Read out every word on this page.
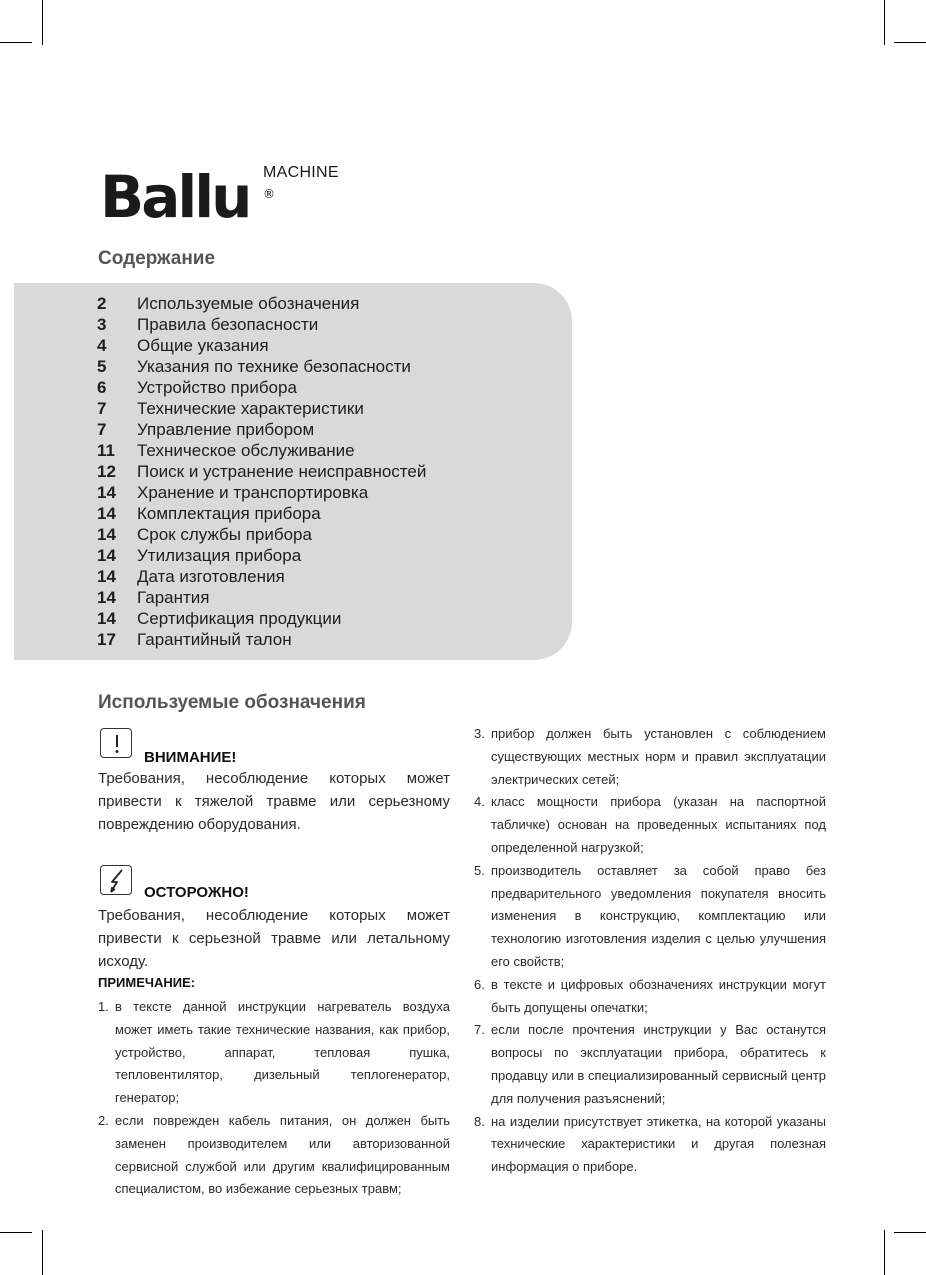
Ballu MACHINE
®
Содержание
2 Используемые обозначения
3 Правила безопасности
4 Общие указания
5 Указания по технике безопасности
6 Устройство прибора
7 Технические характеристики
7 Управление прибором
11 Техническое обслуживание
12 Поиск и устранение неисправностей
14 Хранение и транспортировка
14 Комплектация прибора
14 Срок службы прибора
14 Утилизация прибора
14 Дата изготовления
14 Гарантия
14 Сертификация продукции
17 Гарантийный талон
Используемые обозначения
ВНИМАНИЕ!
Требования, несоблюдение которых может привести к тяжелой травме или серьезному повреждению оборудования.
ОСТОРОЖНО!
Требования, несоблюдение которых может привести к серьезной травме или летальному исходу.
ПРИМЕЧАНИЕ:
1. в тексте данной инструкции нагреватель воздуха может иметь такие технические названия, как прибор, устройство, аппарат, тепловая пушка, тепловентилятор, дизельный теплогенератор, генератор;
2. если поврежден кабель питания, он должен быть заменен производителем или авторизованной сервисной службой или другим квалифицированным специалистом, во избежание серьезных травм;
3. прибор должен быть установлен с соблюдением существующих местных норм и правил эксплуатации электрических сетей;
4. класс мощности прибора (указан на паспортной табличке) основан на проведенных испытаниях под определенной нагрузкой;
5. производитель оставляет за собой право без предварительного уведомления покупателя вносить изменения в конструкцию, комплектацию или технологию изготовления изделия с целью улучшения его свойств;
6. в тексте и цифровых обозначениях инструкции могут быть допущены опечатки;
7. если после прочтения инструкции у Вас останутся вопросы по эксплуатации прибора, обратитесь к продавцу или в специализированный сервисный центр для получения разъяснений;
8. на изделии присутствует этикетка, на которой указаны технические характеристики и другая полезная информация о приборе.
